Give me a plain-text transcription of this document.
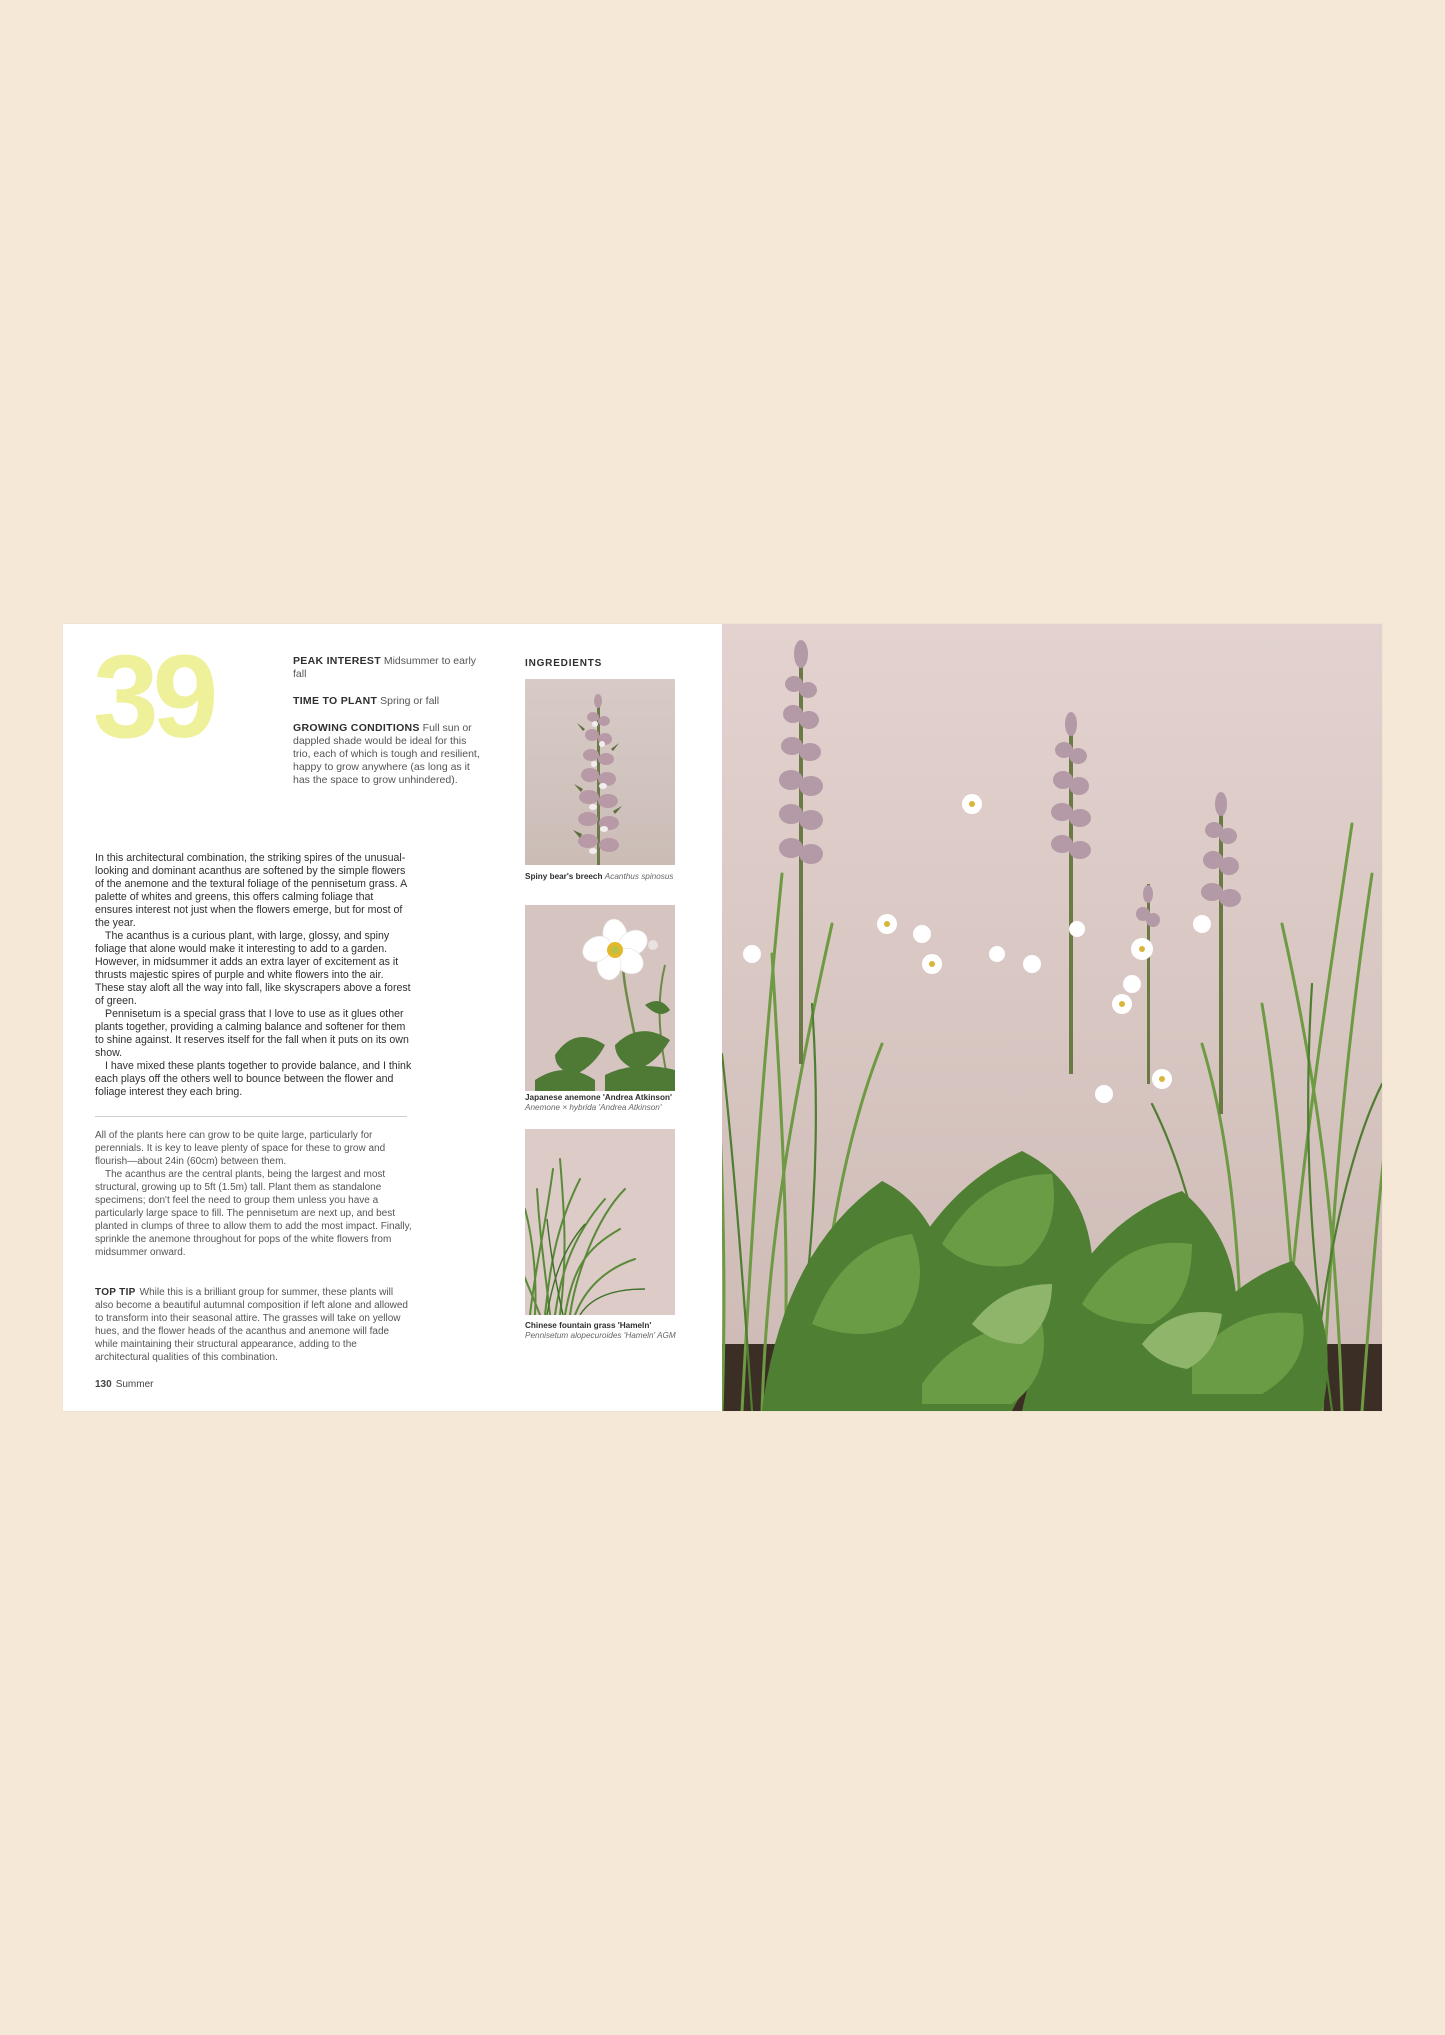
39	PEAK INTEREST Midsummer to early fall

TIME TO PLANT Spring or fall

GROWING CONDITIONS Full sun or dappled shade would be ideal for this trio, each of which is tough and resilient, happy to grow anywhere (as long as it has the space to grow unhindered).

In this architectural combination, the striking spires of the unusual-looking and dominant acanthus are softened by the simple flowers of the anemone and the textural foliage of the pennisetum grass. A palette of whites and greens, this offers calming foliage that ensures interest not just when the flowers emerge, but for most of the year.

The acanthus is a curious plant, with large, glossy, and spiny foliage that alone would make it interesting to add to a garden. However, in midsummer it adds an extra layer of excitement as it thrusts majestic spires of purple and white flowers into the air. These stay aloft all the way into fall, like skyscrapers above a forest of green.

Pennisetum is a special grass that I love to use as it glues other plants together, providing a calming balance and softener for them to shine against. It reserves itself for the fall when it puts on its own show.

I have mixed these plants together to provide balance, and I think each plays off the others well to bounce between the flower and foliage interest they each bring.

All of the plants here can grow to be quite large, particularly for perennials. It is key to leave plenty of space for these to grow and flourish—about 24in (60cm) between them.

The acanthus are the central plants, being the largest and most structural, growing up to 5ft (1.5m) tall. Plant them as standalone specimens; don't feel the need to group them unless you have a particularly large space to fill. The pennisetum are next up, and best planted in clumps of three to allow them to add the most impact. Finally, sprinkle the anemone throughout for pops of the white flowers from midsummer onward.

TOP TIP While this is a brilliant group for summer, these plants will also become a beautiful autumnal composition if left alone and allowed to transform into their seasonal attire. The grasses will take on yellow hues, and the flower heads of the acanthus and anemone will fade while maintaining their structural appearance, adding to the architectural qualities of this combination.
130 Summer
INGREDIENTS
Spiny bear's breech Acanthus spinosus
Japanese anemone 'Andrea Atkinson'
Anemone × hybrida 'Andrea Atkinson'
Chinese fountain grass 'Hameln'
Pennisetum alopecuroides 'Hameln' AGM
